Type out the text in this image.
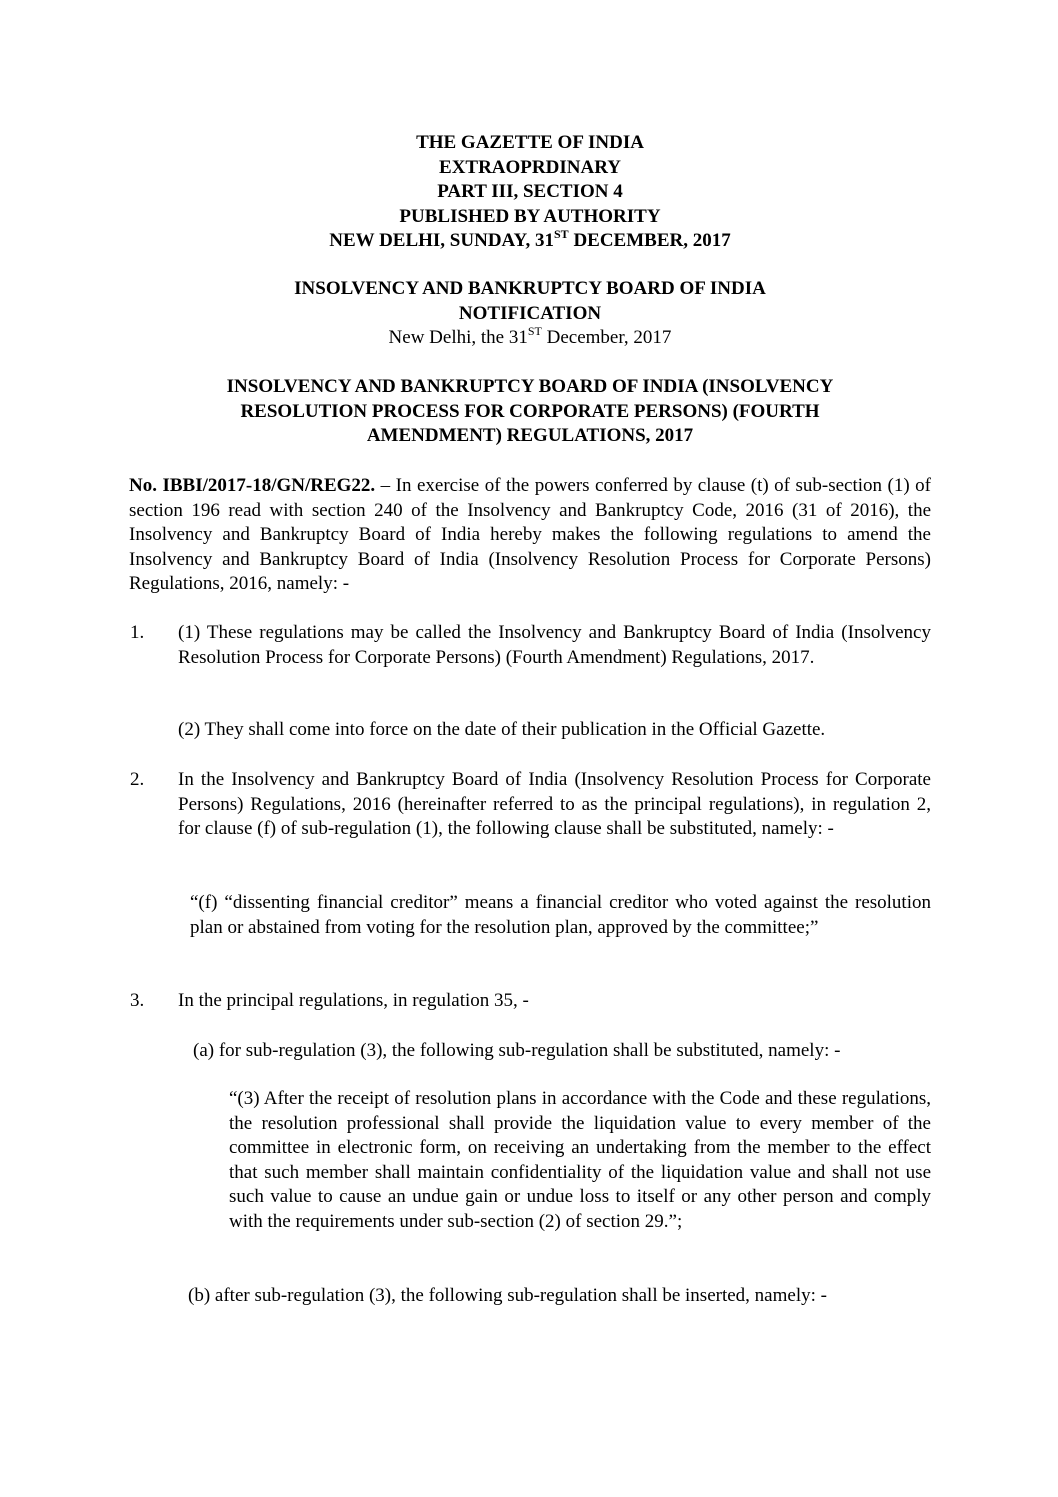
THE GAZETTE OF INDIA
EXTRAOPRDINARY
PART III, SECTION 4
PUBLISHED BY AUTHORITY
NEW DELHI, SUNDAY, 31ST DECEMBER, 2017
INSOLVENCY AND BANKRUPTCY BOARD OF INDIA
NOTIFICATION
New Delhi, the 31ST December, 2017
INSOLVENCY AND BANKRUPTCY BOARD OF INDIA (INSOLVENCY
RESOLUTION PROCESS FOR CORPORATE PERSONS) (FOURTH
AMENDMENT) REGULATIONS, 2017
No. IBBI/2017-18/GN/REG22. – In exercise of the powers conferred by clause (t) of sub-section (1) of section 196 read with section 240 of the Insolvency and Bankruptcy Code, 2016 (31 of 2016), the Insolvency and Bankruptcy Board of India hereby makes the following regulations to amend the Insolvency and Bankruptcy Board of India (Insolvency Resolution Process for Corporate Persons) Regulations, 2016, namely: -
1. (1) These regulations may be called the Insolvency and Bankruptcy Board of India (Insolvency Resolution Process for Corporate Persons) (Fourth Amendment) Regulations, 2017.
(2) They shall come into force on the date of their publication in the Official Gazette.
2. In the Insolvency and Bankruptcy Board of India (Insolvency Resolution Process for Corporate Persons) Regulations, 2016 (hereinafter referred to as the principal regulations), in regulation 2, for clause (f) of sub-regulation (1), the following clause shall be substituted, namely: -
“(f) “dissenting financial creditor” means a financial creditor who voted against the resolution plan or abstained from voting for the resolution plan, approved by the committee;”
3. In the principal regulations, in regulation 35, -
(a) for sub-regulation (3), the following sub-regulation shall be substituted, namely: -
“(3) After the receipt of resolution plans in accordance with the Code and these regulations, the resolution professional shall provide the liquidation value to every member of the committee in electronic form, on receiving an undertaking from the member to the effect that such member shall maintain confidentiality of the liquidation value and shall not use such value to cause an undue gain or undue loss to itself or any other person and comply with the requirements under sub-section (2) of section 29.”;
(b) after sub-regulation (3), the following sub-regulation shall be inserted, namely: -
